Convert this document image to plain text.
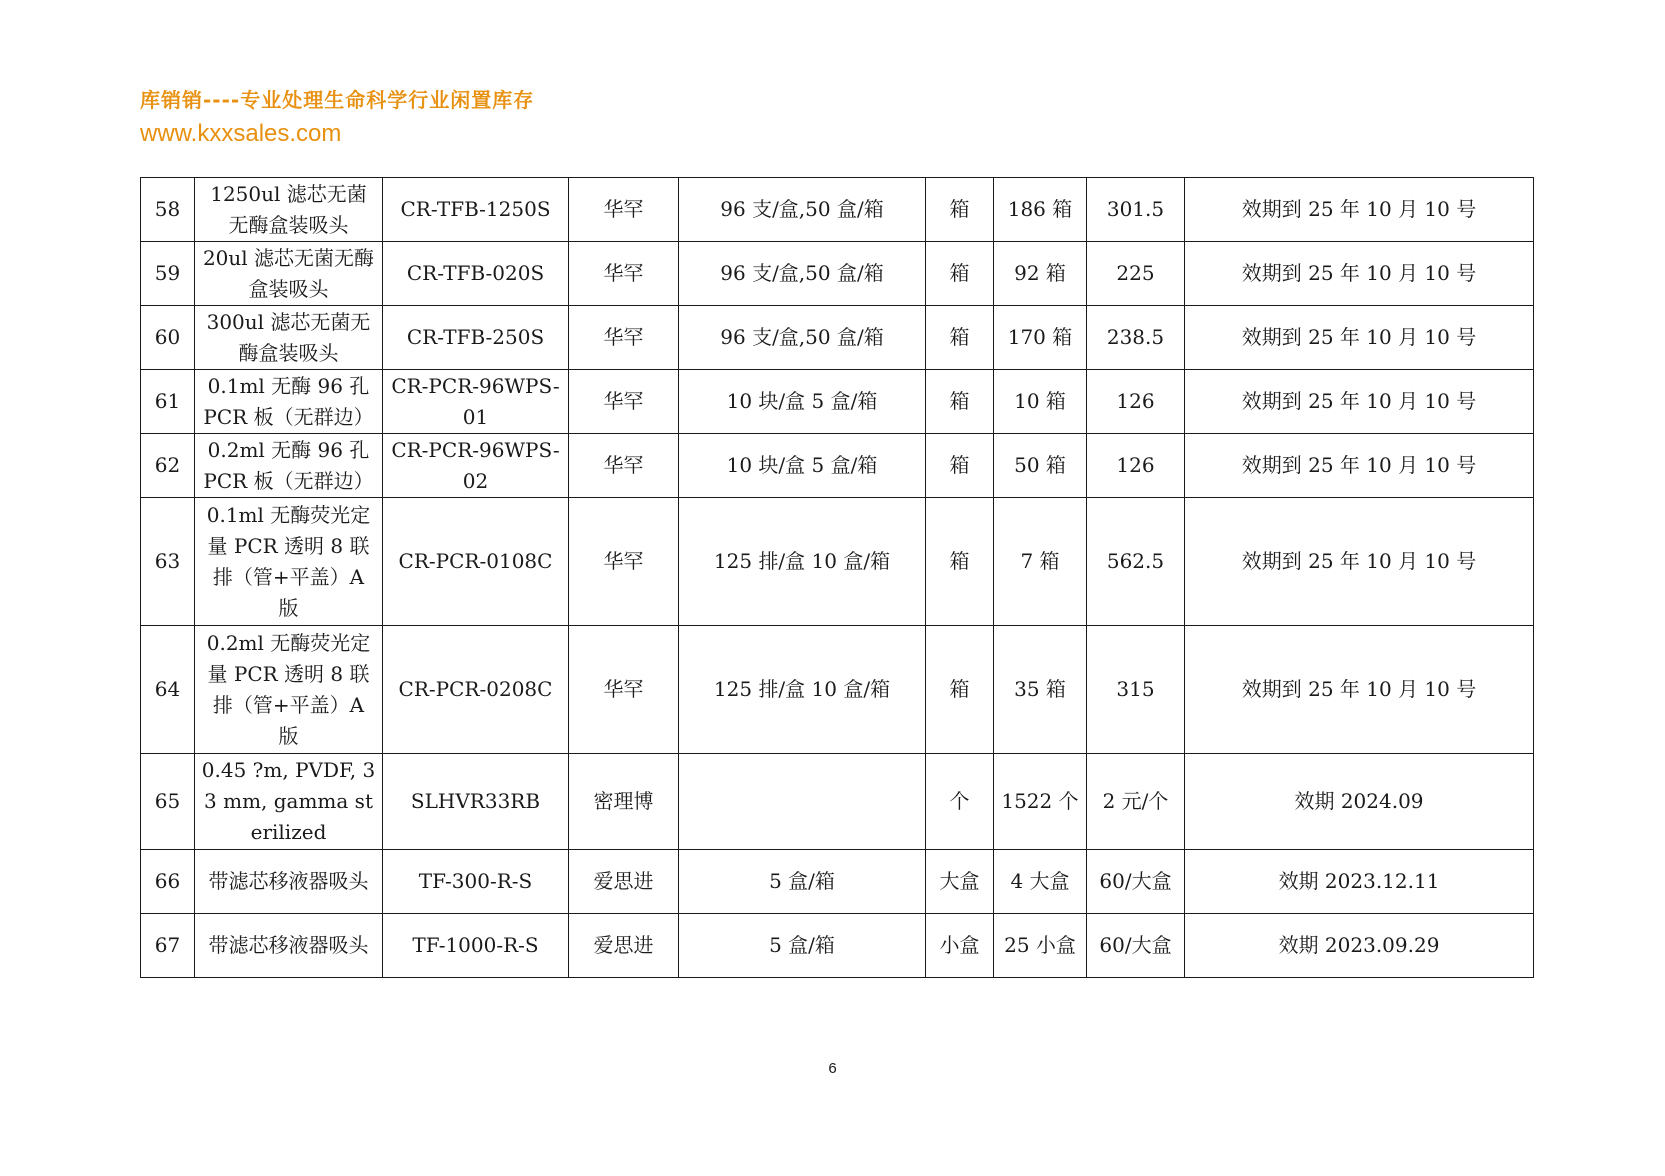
库销销----专业处理生命科学行业闲置库存
www.kxxsales.com
58	1250ul 滤芯无菌无酶盒装吸头	CR-TFB-1250S	华罕	96 支/盒,50 盒/箱	箱	186 箱	301.5	效期到 25 年 10 月 10 号
59	20ul 滤芯无菌无酶盒装吸头	CR-TFB-020S	华罕	96 支/盒,50 盒/箱	箱	92 箱	225	效期到 25 年 10 月 10 号
60	300ul 滤芯无菌无酶盒装吸头	CR-TFB-250S	华罕	96 支/盒,50 盒/箱	箱	170 箱	238.5	效期到 25 年 10 月 10 号
61	0.1ml 无酶 96 孔 PCR 板（无群边）	CR-PCR-96WPS-01	华罕	10 块/盒 5 盒/箱	箱	10 箱	126	效期到 25 年 10 月 10 号
62	0.2ml 无酶 96 孔 PCR 板（无群边）	CR-PCR-96WPS-02	华罕	10 块/盒 5 盒/箱	箱	50 箱	126	效期到 25 年 10 月 10 号
63	0.1ml 无酶荧光定量 PCR 透明 8 联排（管+平盖）A 版	CR-PCR-0108C	华罕	125 排/盒 10 盒/箱	箱	7 箱	562.5	效期到 25 年 10 月 10 号
64	0.2ml 无酶荧光定量 PCR 透明 8 联排（管+平盖）A 版	CR-PCR-0208C	华罕	125 排/盒 10 盒/箱	箱	35 箱	315	效期到 25 年 10 月 10 号
65	0.45 ?m, PVDF, 33 mm, gamma sterilized	SLHVR33RB	密理博		个	1522 个	2 元/个	效期 2024.09
66	带滤芯移液器吸头	TF-300-R-S	爱思进	5 盒/箱	大盒	4 大盒	60/大盒	效期 2023.12.11
67	带滤芯移液器吸头	TF-1000-R-S	爱思进	5 盒/箱	小盒	25 小盒	60/大盒	效期 2023.09.29
6
